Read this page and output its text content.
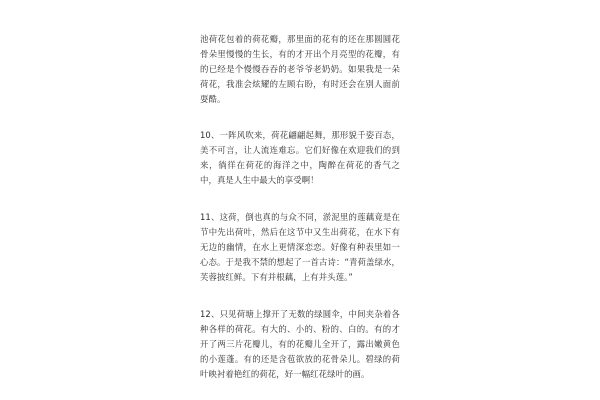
池荷花包着的荷花瓣，那里面的花有的还在那圆圆花骨朵里慢慢的生长，有的才开出个月亮型的花瓣，有的已经是个慢慢吞吞的老爷爷老奶奶。如果我是一朵荷花，我准会炫耀的左顾右盼，有时还会在别人面前耍酷。

10、一阵风吹来，荷花翩翩起舞，那形貌千姿百态，美不可言，让人流连难忘。它们好像在欢迎我们的到来，徜徉在荷花的海洋之中，陶醉在荷花的香气之中，真是人生中最大的享受啊！

11、这荷，倒也真的与众不同，淤泥里的莲藕竟是在节中先出荷叶，然后在这节中又生出荷花，在水下有无边的幽情，在水上更情深恋恋。好像有种表里如一心态。于是我不禁的想起了一首古诗：“青荷盖绿水，芙蓉披红鲜。下有并根藕，上有并头莲。”

12、只见荷塘上撑开了无数的绿圆伞，中间夹杂着各种各样的荷花。有大的、小的、粉的、白的。有的才开了两三片花瓣儿，有的花瓣儿全开了，露出嫩黄色的小莲蓬。有的还是含苞欲放的花骨朵儿。碧绿的荷叶映衬着艳红的荷花，好一幅红花绿叶的画。
